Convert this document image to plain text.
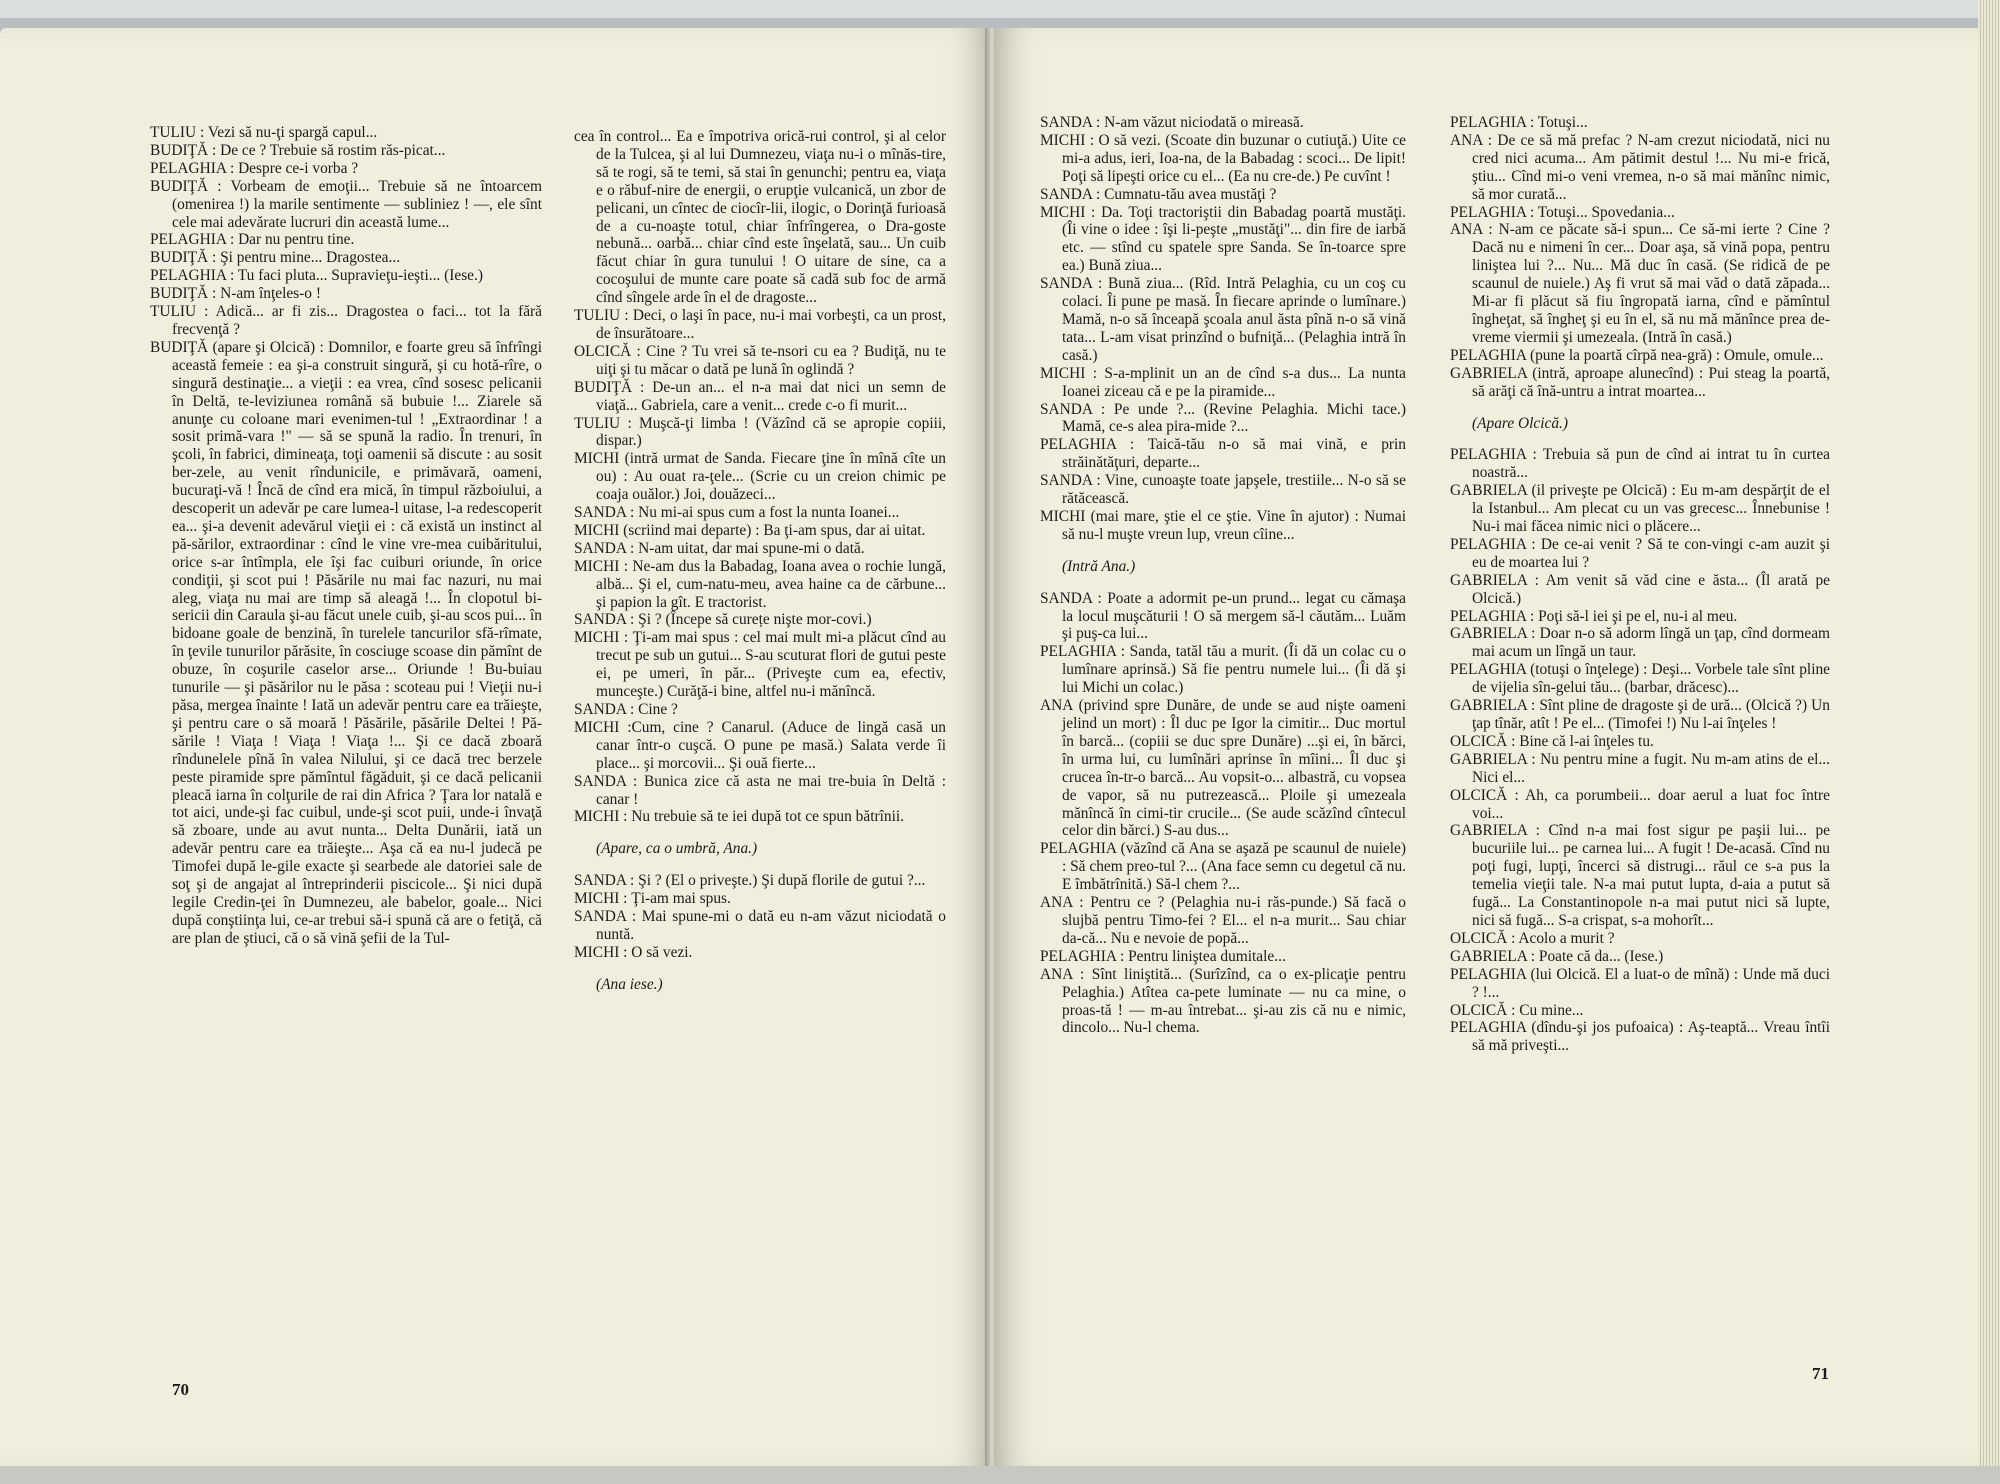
TULIU : Vezi să nu-ţi spargă capul...

BUDIŢĂ : De ce ? Trebuie să rostim răs-picat...

PELAGHIA : Despre ce-i vorba ?

BUDIŢĂ : Vorbeam de emoţii... Trebuie să ne întoarcem (omenirea !) la marile sentimente — subliniez ! —, ele sînt cele mai adevărate lucruri din această lume...

PELAGHIA : Dar nu pentru tine.

BUDIŢĂ : Şi pentru mine... Dragostea...

PELAGHIA : Tu faci pluta... Supravieţu-ieşti... (Iese.)

BUDIŢĂ : N-am înţeles-o !

TULIU : Adică... ar fi zis... Dragostea o faci... tot la fără frecvenţă ?

BUDIŢĂ (apare şi Olcică) : Domnilor, e foarte greu să înfrîngi această femeie : ea şi-a construit singură, şi cu hotă-rîre, o singură destinaţie... a vieţii : ea vrea, cînd sosesc pelicanii în Deltă, te-leviziunea română să bubuie !... Ziarele să anunţe cu coloane mari evenimen-tul ! „Extraordinar ! a sosit primă-vara !" — să se spună la radio. În trenuri, în şcoli, în fabrici, dimineaţa, toţi oamenii să discute : au sosit ber-zele, au venit rîndunicile, e primăvară, oameni, bucuraţi-vă ! Încă de cînd era mică, în timpul războiului, a descoperit un adevăr pe care lumea-l uitase, l-a redescoperit ea... şi-a devenit adevărul vieţii ei : că există un instinct al pă-sărilor, extraordinar : cînd le vine vre-mea cuibăritului, orice s-ar întîmpla, ele îşi fac cuiburi oriunde, în orice condiţii, şi scot pui ! Păsările nu mai fac nazuri, nu mai aleg, viaţa nu mai are timp să aleagă !... În clopotul bi-sericii din Caraula şi-au făcut unele cuib, şi-au scos pui... în bidoane goale de benzină, în turelele tancurilor sfă-rîmate, în ţevile tunurilor părăsite, în cosciuge scoase din pămînt de obuze, în coşurile caselor arse... Oriunde ! Bu-buiau tunurile — şi păsărilor nu le păsa : scoteau pui ! Vieţii nu-i păsa, mergea înainte ! Iată un adevăr pentru care ea trăieşte, şi pentru care o să moară ! Păsările, păsările Deltei ! Pă-sările ! Viaţa ! Viaţa ! Viaţa !... Şi ce dacă zboară rîndunelele pînă în valea Nilului, şi ce dacă trec berzele peste piramide spre pămîntul făgăduit, şi ce dacă pelicanii pleacă iarna în colţurile de rai din Africa ? Ţara lor natală e tot aici, unde-şi fac cuibul, unde-şi scot puii, unde-i învaţă să zboare, unde au avut nunta... Delta Dunării, iată un adevăr pentru care ea trăieşte... Aşa că ea nu-l judecă pe Timofei după le-gile exacte şi searbede ale datoriei sale de soţ şi de angajat al întreprinderii piscicole... Şi nici după legile Credin-ţei în Dumnezeu, ale babelor, goale... Nici după conştiinţa lui, ce-ar trebui să-i spună că are o fetiţă, că are plan de ştiuci, că o să vină şefii de la Tul-

cea în control... Ea e împotriva orică-rui control, şi al celor de la Tulcea, şi al lui Dumnezeu, viaţa nu-i o mînăs-tire, să te rogi, să te temi, să stai în genunchi; pentru ea, viaţa e o răbuf-nire de energii, o erupţie vulcanică, un zbor de pelicani, un cîntec de ciocîr-lii, ilogic, o Dorinţă furioasă de a cu-noaşte totul, chiar înfrîngerea, o Dra-goste nebună... oarbă... chiar cînd este înşelată, sau... Un cuib făcut chiar în gura tunului ! O uitare de sine, ca a cocoşului de munte care poate să cadă sub foc de armă cînd sîngele arde în el de dragoste...

TULIU : Deci, o laşi în pace, nu-i mai vorbeşti, ca un prost, de însurătoare...

OLCICĂ : Cine ? Tu vrei să te-nsori cu ea ? Budiţă, nu te uiţi şi tu măcar o dată pe lună în oglindă ?

BUDIŢĂ : De-un an... el n-a mai dat nici un semn de viaţă... Gabriela, care a venit... crede c-o fi murit...

TULIU : Muşcă-ţi limba ! (Văzînd că se apropie copiii, dispar.)

MICHI (intră urmat de Sanda. Fiecare ţine în mînă cîte un ou) : Au ouat ra-ţele... (Scrie cu un creion chimic pe coaja ouălor.) Joi, douăzeci...

SANDA : Nu mi-ai spus cum a fost la nunta Ioanei...

MICHI (scriind mai departe) : Ba ţi-am spus, dar ai uitat.

SANDA : N-am uitat, dar mai spune-mi o dată.

MICHI : Ne-am dus la Babadag, Ioana avea o rochie lungă, albă... Şi el, cum-natu-meu, avea haine ca de cărbune... şi papion la gît. E tractorist.

SANDA : Şi ? (Începe să curețe nişte mor-covi.)

MICHI : Ţi-am mai spus : cel mai mult mi-a plăcut cînd au trecut pe sub un gutui... S-au scuturat flori de gutui peste ei, pe umeri, în păr... (Priveşte cum ea, efectiv, munceşte.) Curăţă-i bine, altfel nu-i mănîncă.

SANDA : Cine ?

MICHI :Cum, cine ? Canarul. (Aduce de lingă casă un canar într-o cuşcă. O pune pe masă.) Salata verde îi place... şi morcovii... Şi ouă fierte...

SANDA : Bunica zice că asta ne mai tre-buia în Deltă : canar !

MICHI : Nu trebuie să te iei după tot ce spun bătrînii.

(Apare, ca o umbră, Ana.)

SANDA : Şi ? (El o priveşte.) Şi după florile de gutui ?...

MICHI : Ţi-am mai spus.

SANDA : Mai spune-mi o dată eu n-am văzut niciodată o nuntă.

MICHI : O să vezi.

(Ana iese.)

70

SANDA : N-am văzut niciodată o mireasă.

MICHI : O să vezi. (Scoate din buzunar o cutiuţă.) Uite ce mi-a adus, ieri, Ioa-na, de la Babadag : scoci... De lipit! Poţi să lipeşti orice cu el... (Ea nu cre-de.) Pe cuvînt !

SANDA : Cumnatu-tău avea mustăţi ?

MICHI : Da. Toţi tractoriştii din Babadag poartă mustăţi. (Îi vine o idee : îşi li-peşte „mustăţi"... din fire de iarbă etc. — stînd cu spatele spre Sanda. Se în-toarce spre ea.) Bună ziua...

SANDA : Bună ziua... (Rîd. Intră Pelaghia, cu un coş cu colaci. Îi pune pe masă. În fiecare aprinde o lumînare.) Mamă, n-o să înceapă şcoala anul ăsta pînă n-o să vină tata... L-am visat prinzînd o bufniţă... (Pelaghia intră în casă.)

MICHI : S-a-mplinit un an de cînd s-a dus... La nunta Ioanei ziceau că e pe la piramide...

SANDA : Pe unde ?... (Revine Pelaghia. Michi tace.) Mamă, ce-s alea pira-mide ?...

PELAGHIA : Taică-tău n-o să mai vină, e prin străinătăţuri, departe...

SANDA : Vine, cunoaşte toate japşele, trestiile... N-o să se rătăcească.

MICHI (mai mare, ştie el ce ştie. Vine în ajutor) : Numai să nu-l muşte vreun lup, vreun cîine...

(Intră Ana.)

SANDA : Poate a adormit pe-un prund... legat cu cămaşa la locul muşcăturii ! O să mergem să-l căutăm... Luăm şi puş-ca lui...

PELAGHIA : Sanda, tatăl tău a murit. (Îi dă un colac cu o lumînare aprinsă.) Să fie pentru numele lui... (Îi dă şi lui Michi un colac.)

ANA (privind spre Dunăre, de unde se aud nişte oameni jelind un mort) : Îl duc pe Igor la cimitir... Duc mortul în barcă... (copiii se duc spre Dunăre) ...şi ei, în bărci, în urma lui, cu lumînări aprinse în mîini... Îl duc şi crucea în-tr-o barcă... Au vopsit-o... albastră, cu vopsea de vapor, să nu putrezească... Ploile şi umezeala mănîncă în cimi-tir crucile... (Se aude scăzînd cîntecul celor din bărci.) S-au dus...

PELAGHIA (văzînd că Ana se aşază pe scaunul de nuiele) : Să chem preo-tul ?... (Ana face semn cu degetul că nu. E îmbătrînită.) Să-l chem ?...

ANA : Pentru ce ? (Pelaghia nu-i răs-punde.) Să facă o slujbă pentru Timo-fei ? El... el n-a murit... Sau chiar da-că... Nu e nevoie de popă...

PELAGHIA : Pentru liniştea dumitale...

ANA : Sînt liniştită... (Surîzînd, ca o ex-plicaţie pentru Pelaghia.) Atîtea ca-pete luminate — nu ca mine, o proas-tă ! — m-au întrebat... şi-au zis că nu e nimic, dincolo... Nu-l chema.

PELAGHIA : Totuşi...

ANA : De ce să mă prefac ? N-am crezut niciodată, nici nu cred nici acuma... Am pătimit destul !... Nu mi-e frică, ştiu... Cînd mi-o veni vremea, n-o să mai mănînc nimic, să mor curată...

PELAGHIA : Totuşi... Spovedania...

ANA : N-am ce păcate să-i spun... Ce să-mi ierte ? Cine ? Dacă nu e nimeni în cer... Doar aşa, să vină popa, pentru liniştea lui ?... Nu... Mă duc în casă. (Se ridică de pe scaunul de nuiele.) Aş fi vrut să mai văd o dată zăpada... Mi-ar fi plăcut să fiu îngropată iarna, cînd e pămîntul îngheţat, să îngheţ şi eu în el, să nu mă mănînce prea de-vreme viermii şi umezeala. (Intră în casă.)

PELAGHIA (pune la poartă cîrpă nea-gră) : Omule, omule...

GABRIELA (intră, aproape alunecînd) : Pui steag la poartă, să arăţi că înă-untru a intrat moartea...

(Apare Olcică.)

PELAGHIA : Trebuia să pun de cînd ai intrat tu în curtea noastră...

GABRIELA (il priveşte pe Olcică) : Eu m-am despărţit de el la Istanbul... Am plecat cu un vas grecesc... Înnebunise ! Nu-i mai făcea nimic nici o plăcere...

PELAGHIA : De ce-ai venit ? Să te con-vingi c-am auzit şi eu de moartea lui ?

GABRIELA : Am venit să văd cine e ăsta... (Îl arată pe Olcică.)

PELAGHIA : Poţi să-l iei şi pe el, nu-i al meu.

GABRIELA : Doar n-o să adorm lîngă un ţap, cînd dormeam mai acum un lîngă un taur.

PELAGHIA (totuşi o înţelege) : Deşi... Vorbele tale sînt pline de vijelia sîn-gelui tău... (barbar, drăcesc)...

GABRIELA : Sînt pline de dragoste şi de ură... (Olcică ?) Un ţap tînăr, atît ! Pe el... (Timofei !) Nu l-ai înţeles !

OLCICĂ : Bine că l-ai înţeles tu.

GABRIELA : Nu pentru mine a fugit. Nu m-am atins de el... Nici el...

OLCICĂ : Ah, ca porumbeii... doar aerul a luat foc între voi...

GABRIELA : Cînd n-a mai fost sigur pe paşii lui... pe bucuriile lui... pe carnea lui... A fugit ! De-acasă. Cînd nu poţi fugi, lupţi, încerci să distrugi... răul ce s-a pus la temelia vieţii tale. N-a mai putut lupta, d-aia a putut să fugă... La Constantinopole n-a mai putut nici să lupte, nici să fugă... S-a crispat, s-a mohorît...

OLCICĂ : Acolo a murit ?

GABRIELA : Poate că da... (Iese.)

PELAGHIA (lui Olcică. El a luat-o de mînă) : Unde mă duci ? !...

OLCICĂ : Cu mine...

PELAGHIA (dîndu-şi jos pufoaica) : Aş-teaptă... Vreau întîi să mă priveşti...

71
